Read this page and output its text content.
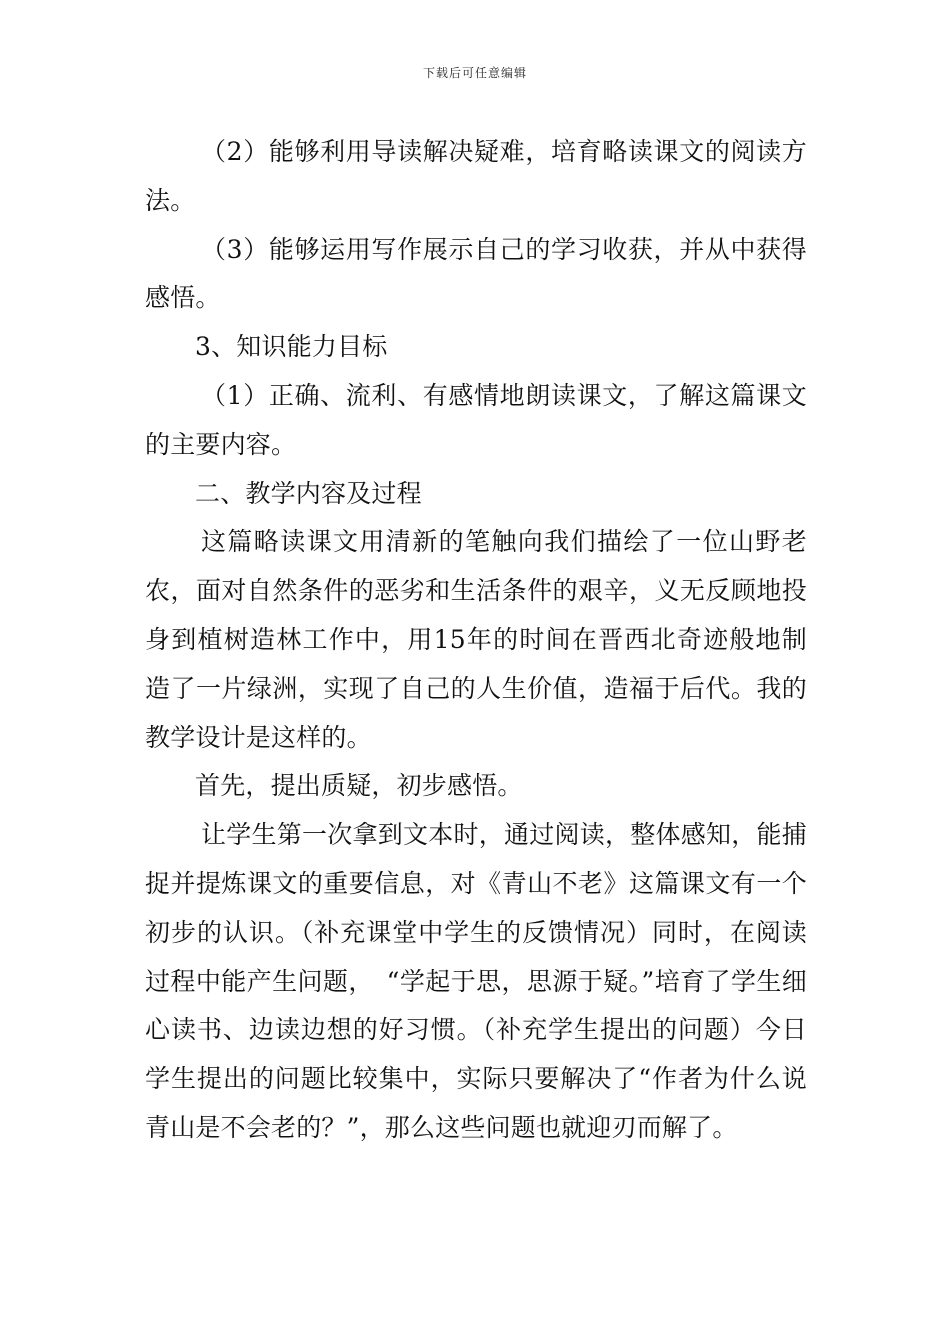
下载后可任意编辑

（2）能够利用导读解决疑难，培育略读课文的阅读方法。

（3）能够运用写作展示自己的学习收获，并从中获得感悟。

3、知识能力目标

（1）正确、流利、有感情地朗读课文，了解这篇课文的主要内容。

二、教学内容及过程

这篇略读课文用清新的笔触向我们描绘了一位山野老农，面对自然条件的恶劣和生活条件的艰辛，义无反顾地投身到植树造林工作中，用15年的时间在晋西北奇迹般地制造了一片绿洲，实现了自己的人生价值，造福于后代。我的教学设计是这样的。

首先，提出质疑，初步感悟。

让学生第一次拿到文本时，通过阅读，整体感知，能捕捉并提炼课文的重要信息，对《青山不老》这篇课文有一个初步的认识。（补充课堂中学生的反馈情况）同时，在阅读过程中能产生问题，　“学起于思，思源于疑。”培育了学生细心读书、边读边想的好习惯。（补充学生提出的问题）今日学生提出的问题比较集中，实际只要解决了“作者为什么说青山是不会老的？”，那么这些问题也就迎刃而解了。
